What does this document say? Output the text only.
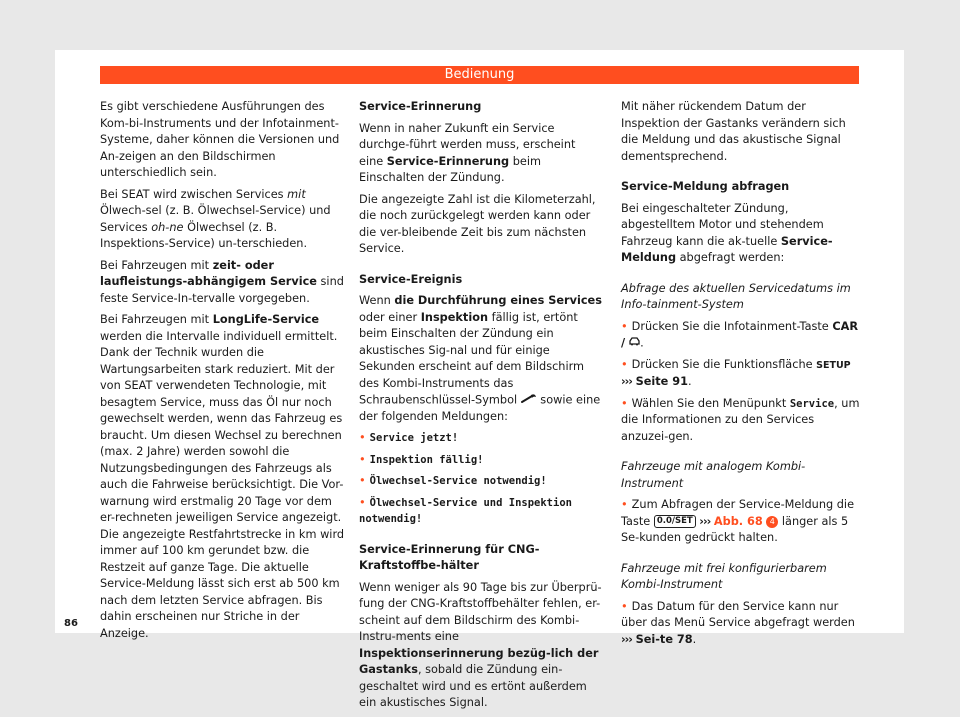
Bedienung

Es gibt verschiedene Ausführungen des Kom-bi-Instruments und der Infotainment-Systeme, daher können die Versionen und An-zeigen an den Bildschirmen unterschiedlich sein.

Bei SEAT wird zwischen Services mit Ölwech-sel (z. B. Ölwechsel-Service) und Services oh-ne Ölwechsel (z. B. Inspektions-Service) un-terschieden.

Bei Fahrzeugen mit zeit- oder laufleistungs-abhängigem Service sind feste Service-In-tervalle vorgegeben.

Bei Fahrzeugen mit LongLife-Service werden die Intervalle individuell ermittelt. Dank der Technik wurden die Wartungsarbeiten stark reduziert. Mit der von SEAT verwendeten Technologie, mit besagtem Service, muss das Öl nur noch gewechselt werden, wenn das Fahrzeug es braucht. Um diesen Wechsel zu berechnen (max. 2 Jahre) werden sowohl die Nutzungsbedingungen des Fahrzeugs als auch die Fahrweise berücksichtigt. Die Vor-warnung wird erstmalig 20 Tage vor dem er-rechneten jeweiligen Service angezeigt. Die angezeigte Restfahrtstrecke in km wird immer auf 100 km gerundet bzw. die Restzeit auf ganze Tage. Die aktuelle Service-Meldung lässt sich erst ab 500 km nach dem letzten Service abfragen. Bis dahin erscheinen nur Striche in der Anzeige.

Service-Erinnerung

Wenn in naher Zukunft ein Service durchge-führt werden muss, erscheint eine Service-Erinnerung beim Einschalten der Zündung.

Die angezeigte Zahl ist die Kilometerzahl, die noch zurückgelegt werden kann oder die ver-bleibende Zeit bis zum nächsten Service.

Service-Ereignis

Wenn die Durchführung eines Services oder einer Inspektion fällig ist, ertönt beim Einschalten der Zündung ein akustisches Sig-nal und für einige Sekunden erscheint auf dem Bildschirm des Kombi-Instruments das Schraubenschlüssel-Symbol  sowie eine der folgenden Meldungen:

• Service jetzt!

• Inspektion fällig!

• Ölwechsel-Service notwendig!

• Ölwechsel-Service und Inspektion notwendig!

Service-Erinnerung für CNG-Kraftstoffbe-hälter

Wenn weniger als 90 Tage bis zur Überprü-fung der CNG-Kraftstoffbehälter fehlen, er-scheint auf dem Bildschirm des Kombi-Instru-ments eine Inspektionserinnerung bezüg-lich der Gastanks, sobald die Zündung ein-geschaltet wird und es ertönt außerdem ein akustisches Signal.

Mit näher rückendem Datum der Inspektion der Gastanks verändern sich die Meldung und das akustische Signal dementsprechend.

Service-Meldung abfragen

Bei eingeschalteter Zündung, abgestelltem Motor und stehendem Fahrzeug kann die ak-tuelle Service-Meldung abgefragt werden:

Abfrage des aktuellen Servicedatums im Info-tainment-System

• Drücken Sie die Infotainment-Taste CAR / .

• Drücken Sie die Funktionsfläche SETUP
››› Seite 91.

• Wählen Sie den Menüpunkt Service, um die Informationen zu den Services anzuzei-gen.

Fahrzeuge mit analogem Kombi-Instrument

• Zum Abfragen der Service-Meldung die Taste 0.0/SET ››› Abb. 68 4 länger als 5 Se-kunden gedrückt halten.

Fahrzeuge mit frei konfigurierbarem Kombi-Instrument

• Das Datum für den Service kann nur über das Menü Service abgefragt werden ››› Sei-te 78.

86
